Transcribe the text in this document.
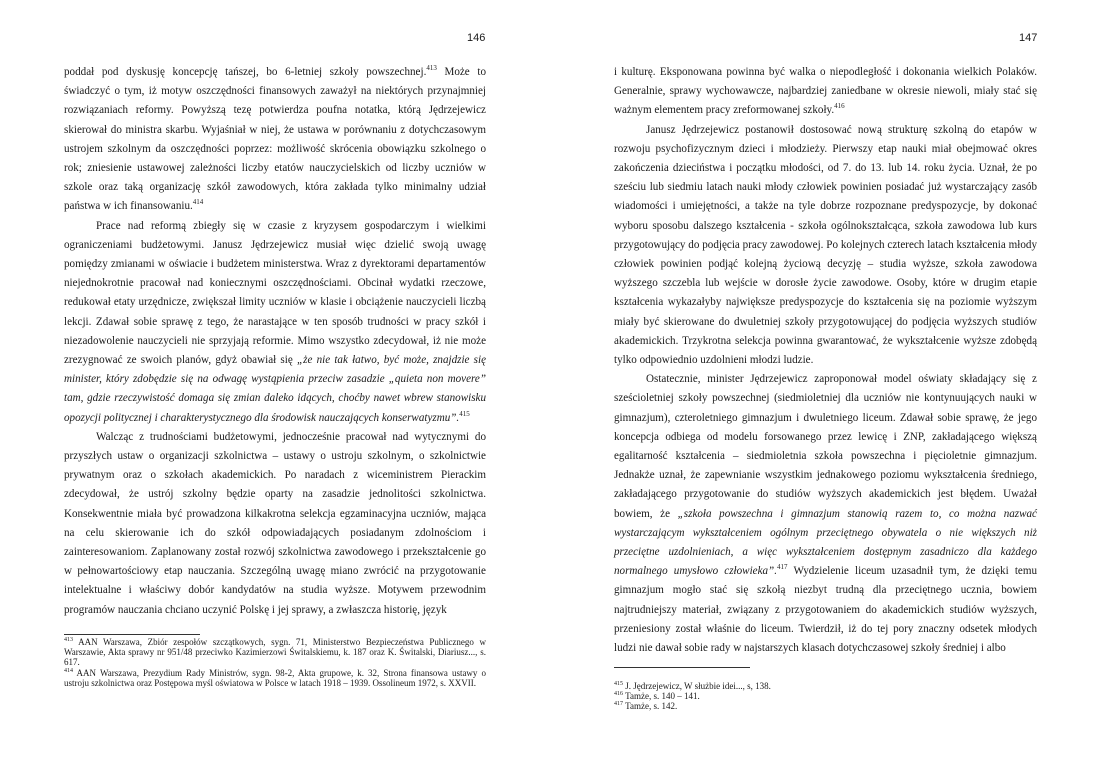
146

poddał pod dyskusję koncepcję tańszej, bo 6-letniej szkoły powszechnej.$^{413}$ Może to świadczyć o tym, iż motyw oszczędności finansowych zaważył na niektórych przynajmniej rozwiązaniach reformy. Powyższą tezę potwierdza poufna notatka, którą Jędrzejewicz skierował do ministra skarbu. Wyjaśniał w niej, że ustawa w porównaniu z dotychczasowym ustrojem szkolnym da oszczędności poprzez: możliwość skrócenia obowiązku szkolnego o rok; zniesienie ustawowej zależności liczby etatów nauczycielskich od liczby uczniów w szkole oraz taką organizację szkół zawodowych, która zakłada tylko minimalny udział państwa w ich finansowaniu.$^{414}$

Prace nad reformą zbiegły się w czasie z kryzysem gospodarczym i wielkimi ograniczeniami budżetowymi. Janusz Jędrzejewicz musiał więc dzielić swoją uwagę pomiędzy zmianami w oświacie i budżetem ministerstwa. Wraz z dyrektorami departamentów niejednokrotnie pracował nad koniecznymi oszczędnościami. Obcinał wydatki rzeczowe, redukował etaty urzędnicze, zwiększał limity uczniów w klasie i obciążenie nauczycieli liczbą lekcji. Zdawał sobie sprawę z tego, że narastające w ten sposób trudności w pracy szkół i niezadowolenie nauczycieli nie sprzyjają reformie. Mimo wszystko zdecydował, iż nie może zrezygnować ze swoich planów, gdyż obawiał się „że nie tak łatwo, być może, znajdzie się minister, który zdobędzie się na odwagę wystąpienia przeciw zasadzie „quieta non movere” tam, gdzie rzeczywistość domaga się zmian daleko idących, choćby nawet wbrew stanowisku opozycji politycznej i charakterystycznego dla środowisk nauczających konserwatyzmu”.$^{415}$

Walcząc z trudnościami budżetowymi, jednocześnie pracował nad wytycznymi do przyszłych ustaw o organizacji szkolnictwa – ustawy o ustroju szkolnym, o szkolnictwie prywatnym oraz o szkołach akademickich. Po naradach z wiceministrem Pierackim zdecydował, że ustrój szkolny będzie oparty na zasadzie jednolitości szkolnictwa. Konsekwentnie miała być prowadzona kilkakrotna selekcja egzaminacyjna uczniów, mająca na celu skierowanie ich do szkół odpowiadających posiadanym zdolnościom i zainteresowaniom. Zaplanowany został rozwój szkolnictwa zawodowego i przekształcenie go w pełnowartościowy etap nauczania. Szczególną uwagę miano zwrócić na przygotowanie intelektualne i właściwy dobór kandydatów na studia wyższe. Motywem przewodnim programów nauczania chciano uczynić Polskę i jej sprawy, a zwłaszcza historię, język

$^{413}$ AAN Warszawa, Zbiór zespołów szczątkowych, sygn. 71, Ministerstwo Bezpieczeństwa Publicznego w Warszawie, Akta sprawy nr 951/48 przeciwko Kazimierzowi Świtalskiemu, k. 187 oraz K. Świtalski, Diariusz..., s. 617.

$^{414}$ AAN Warszawa, Prezydium Rady Ministrów, sygn. 98-2, Akta grupowe, k. 32, Strona finansowa ustawy o ustroju szkolnictwa oraz Postępowa myśl oświatowa w Polsce w latach 1918 – 1939. Ossolineum 1972, s. XXVII.

147

i kulturę. Eksponowana powinna być walka o niepodległość i dokonania wielkich Polaków. Generalnie, sprawy wychowawcze, najbardziej zaniedbane w okresie niewoli, miały stać się ważnym elementem pracy zreformowanej szkoły.$^{416}$

Janusz Jędrzejewicz postanowił dostosować nową strukturę szkolną do etapów w rozwoju psychofizycznym dzieci i młodzieży. Pierwszy etap nauki miał obejmować okres zakończenia dzieciństwa i początku młodości, od 7. do 13. lub 14. roku życia. Uznał, że po sześciu lub siedmiu latach nauki młody człowiek powinien posiadać już wystarczający zasób wiadomości i umiejętności, a także na tyle dobrze rozpoznane predyspozycje, by dokonać wyboru sposobu dalszego kształcenia - szkoła ogólnokształcąca, szkoła zawodowa lub kurs przygotowujący do podjęcia pracy zawodowej. Po kolejnych czterech latach kształcenia młody człowiek powinien podjąć kolejną życiową decyzję – studia wyższe, szkoła zawodowa wyższego szczebla lub wejście w dorosłe życie zawodowe. Osoby, które w drugim etapie kształcenia wykazałyby największe predyspozycje do kształcenia się na poziomie wyższym miały być skierowane do dwuletniej szkoły przygotowującej do podjęcia wyższych studiów akademickich. Trzykrotna selekcja powinna gwarantować, że wykształcenie wyższe zdobędą tylko odpowiednio uzdolnieni młodzi ludzie.

Ostatecznie, minister Jędrzejewicz zaproponował model oświaty składający się z sześcioletniej szkoły powszechnej (siedmioletniej dla uczniów nie kontynuujących nauki w gimnazjum), czteroletniego gimnazjum i dwuletniego liceum. Zdawał sobie sprawę, że jego koncepcja odbiega od modelu forsowanego przez lewicę i ZNP, zakładającego większą egalitarność kształcenia – siedmioletnia szkoła powszechna i pięcioletnie gimnazjum. Jednakże uznał, że zapewnianie wszystkim jednakowego poziomu wykształcenia średniego, zakładającego przygotowanie do studiów wyższych akademickich jest błędem. Uważał bowiem, że „szkoła powszechna i gimnazjum stanowią razem to, co można nazwać wystarczającym wykształceniem ogólnym przeciętnego obywatela o nie większych niż przeciętne uzdolnieniach, a więc wykształceniem dostępnym zasadniczo dla każdego normalnego umysłowo człowieka”.$^{417}$ Wydzielenie liceum uzasadnił tym, że dzięki temu gimnazjum mogło stać się szkołą niezbyt trudną dla przeciętnego ucznia, bowiem najtrudniejszy materiał, związany z przygotowaniem do akademickich studiów wyższych, przeniesiony został właśnie do liceum. Twierdził, iż do tej pory znaczny odsetek młodych ludzi nie dawał sobie rady w najstarszych klasach dotychczasowej szkoły średniej i albo

$^{415}$ J. Jędrzejewicz, W służbie idei..., s, 138.

$^{416}$ Tamże, s. 140 – 141.

$^{417}$ Tamże, s. 142.
